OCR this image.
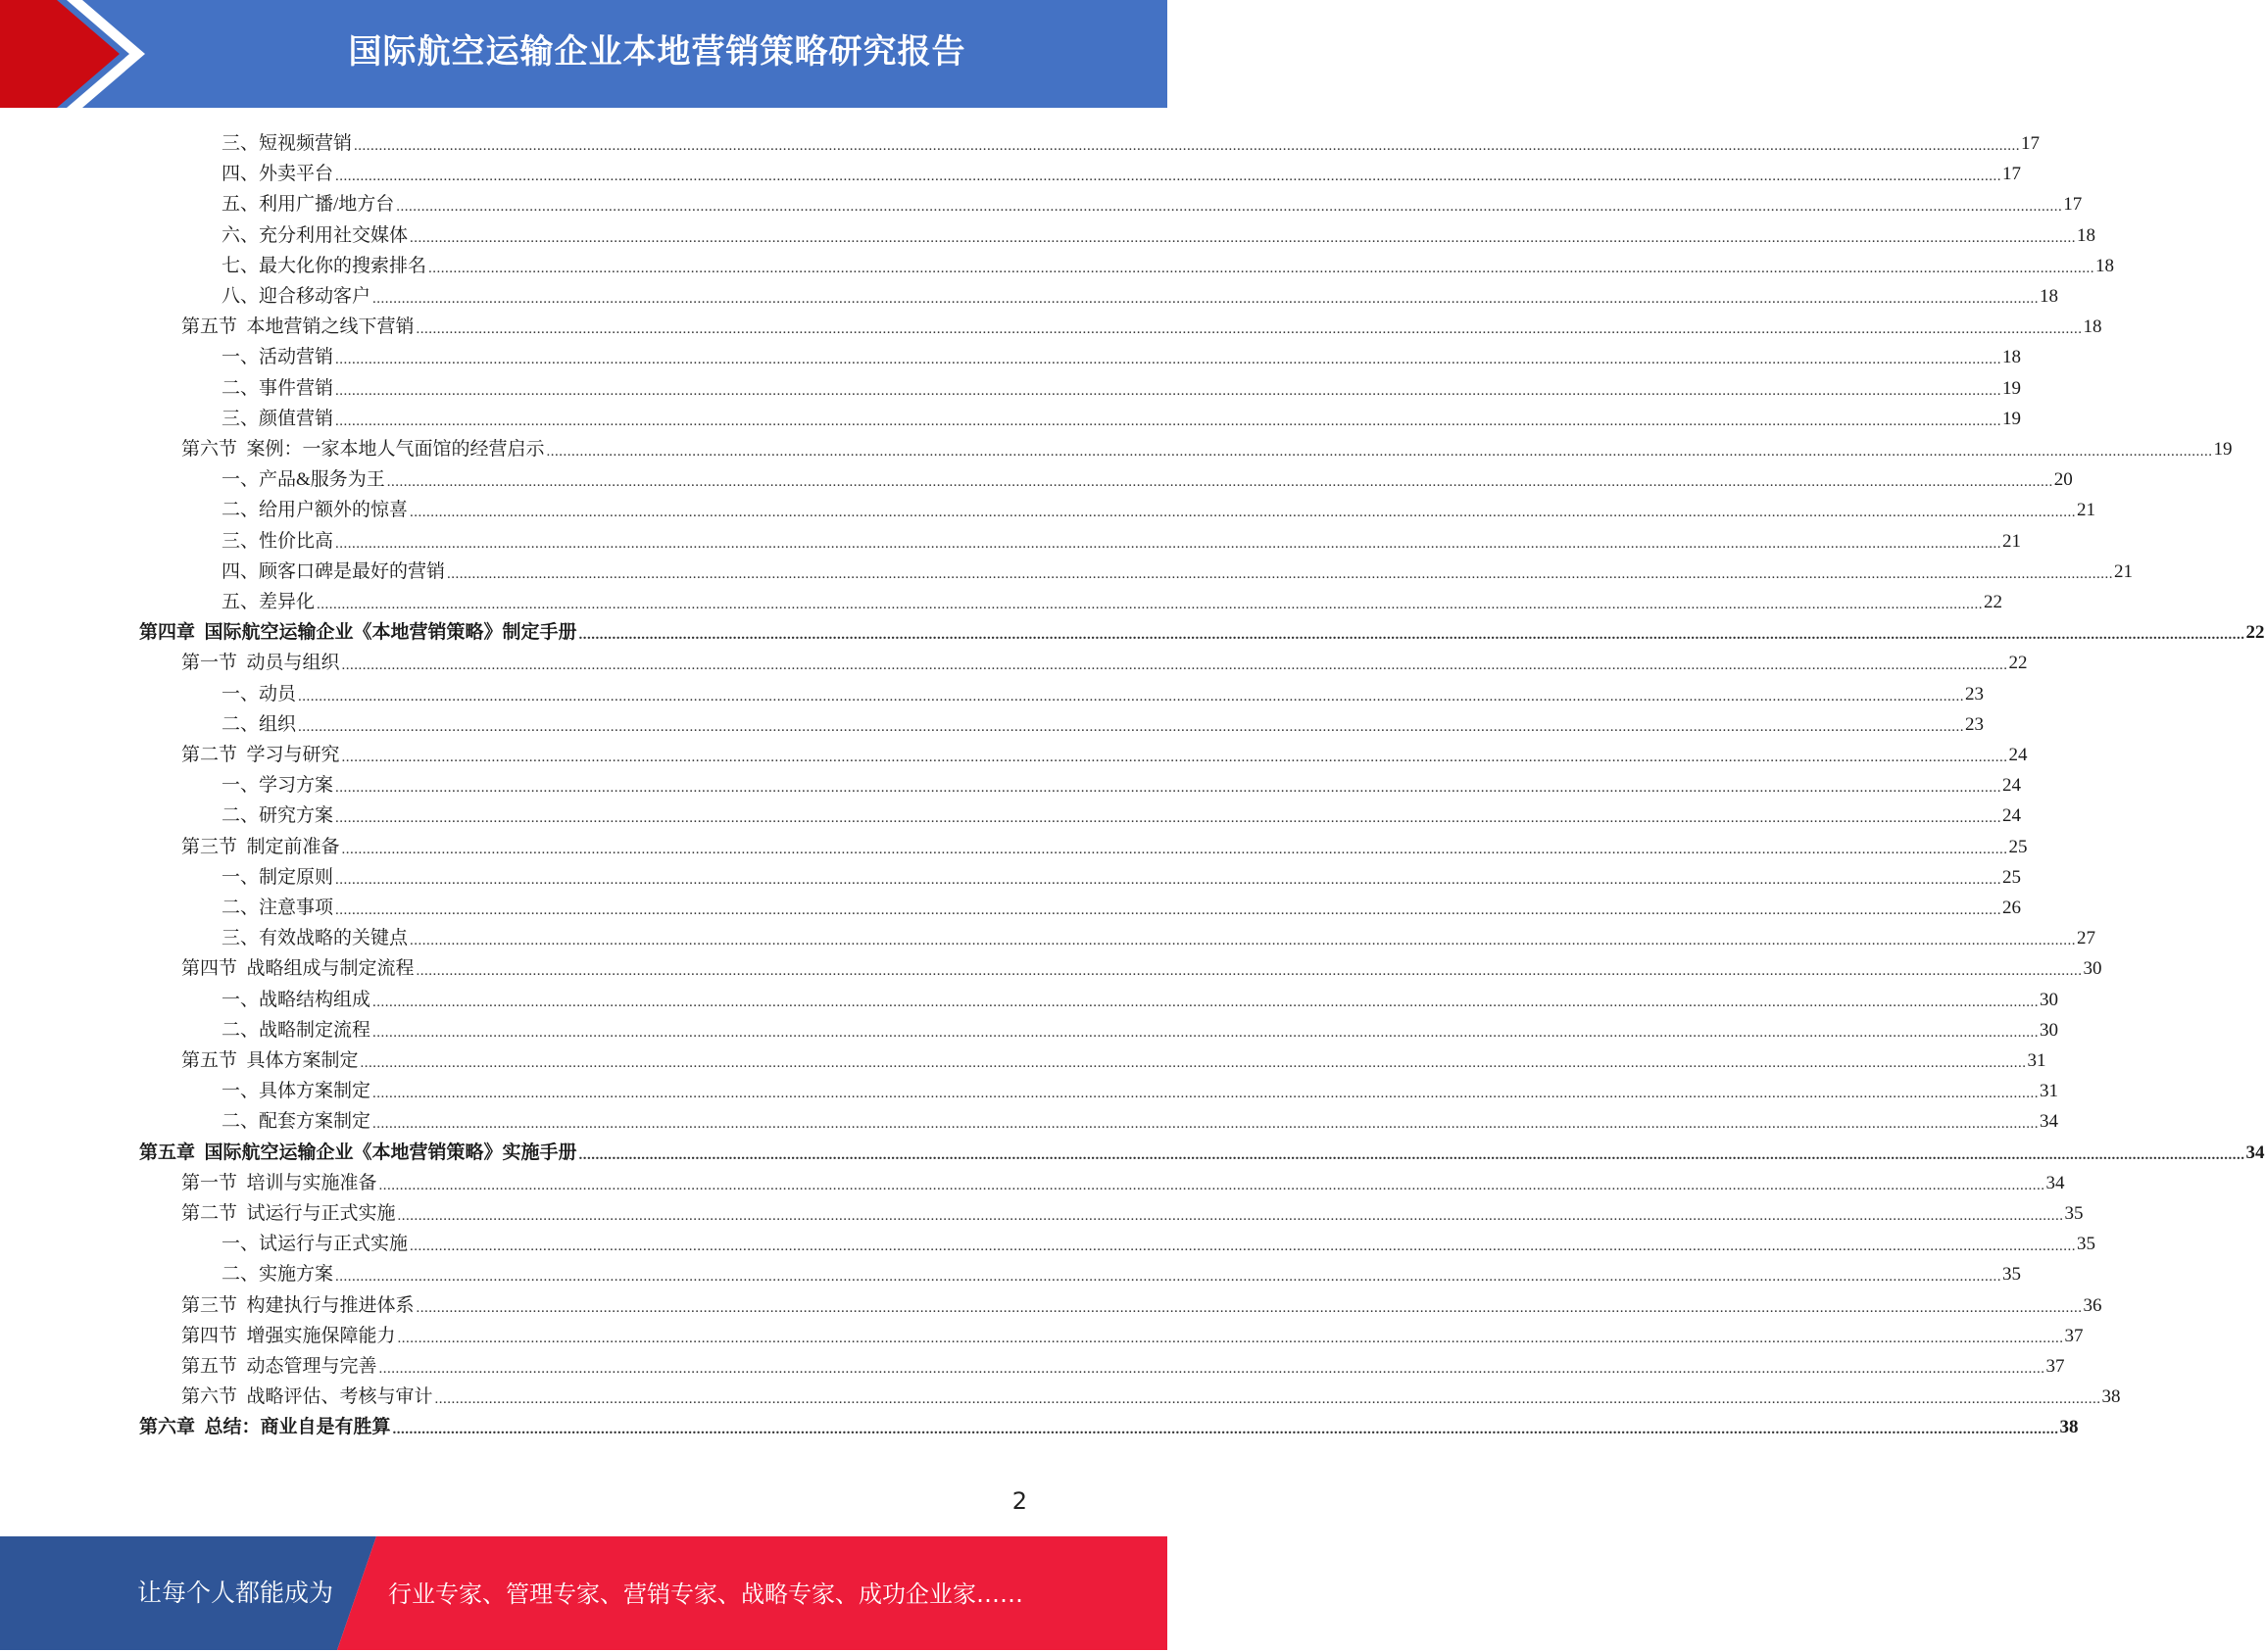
国际航空运输企业本地营销策略研究报告
三、短视频营销 ................................................................................................................................................................................................................................................................................................................................................................................................................ 17
四、外卖平台 ................................................................................................................................................................................................................................................................................................................................................................................................................ 17
五、利用广播/地方台 ................................................................................................................................................................................................................................................................................................................................................................................................................ 17
六、充分利用社交媒体 ................................................................................................................................................................................................................................................................................................................................................................................................................ 18
七、最大化你的搜索排名 ................................................................................................................................................................................................................................................................................................................................................................................................................ 18
八、迎合移动客户 ................................................................................................................................................................................................................................................................................................................................................................................................................ 18
第五节  本地营销之线下营销 ................................................................................................................................................................................................................................................................................................................................................................................................................ 18
一、活动营销 ................................................................................................................................................................................................................................................................................................................................................................................................................ 18
二、事件营销 ................................................................................................................................................................................................................................................................................................................................................................................................................ 19
三、颜值营销 ................................................................................................................................................................................................................................................................................................................................................................................................................ 19
第六节  案例：一家本地人气面馆的经营启示 ................................................................................................................................................................................................................................................................................................................................................................................................................ 19
一、产品&服务为王 ................................................................................................................................................................................................................................................................................................................................................................................................................ 20
二、给用户额外的惊喜 ................................................................................................................................................................................................................................................................................................................................................................................................................ 21
三、性价比高 ................................................................................................................................................................................................................................................................................................................................................................................................................ 21
四、顾客口碑是最好的营销 ................................................................................................................................................................................................................................................................................................................................................................................................................ 21
五、差异化 ................................................................................................................................................................................................................................................................................................................................................................................................................ 22
第四章  国际航空运输企业《本地营销策略》制定手册 ................................................................................................................................................................................................................................................................................................................................................................................................................ 22
第一节  动员与组织 ................................................................................................................................................................................................................................................................................................................................................................................................................ 22
一、动员 ................................................................................................................................................................................................................................................................................................................................................................................................................ 23
二、组织 ................................................................................................................................................................................................................................................................................................................................................................................................................ 23
第二节  学习与研究 ................................................................................................................................................................................................................................................................................................................................................................................................................ 24
一、学习方案 ................................................................................................................................................................................................................................................................................................................................................................................................................ 24
二、研究方案 ................................................................................................................................................................................................................................................................................................................................................................................................................ 24
第三节  制定前准备 ................................................................................................................................................................................................................................................................................................................................................................................................................ 25
一、制定原则 ................................................................................................................................................................................................................................................................................................................................................................................................................ 25
二、注意事项 ................................................................................................................................................................................................................................................................................................................................................................................................................ 26
三、有效战略的关键点 ................................................................................................................................................................................................................................................................................................................................................................................................................ 27
第四节  战略组成与制定流程 ................................................................................................................................................................................................................................................................................................................................................................................................................ 30
一、战略结构组成 ................................................................................................................................................................................................................................................................................................................................................................................................................ 30
二、战略制定流程 ................................................................................................................................................................................................................................................................................................................................................................................................................ 30
第五节  具体方案制定 ................................................................................................................................................................................................................................................................................................................................................................................................................ 31
一、具体方案制定 ................................................................................................................................................................................................................................................................................................................................................................................................................ 31
二、配套方案制定 ................................................................................................................................................................................................................................................................................................................................................................................................................ 34
第五章  国际航空运输企业《本地营销策略》实施手册 ................................................................................................................................................................................................................................................................................................................................................................................................................ 34
第一节  培训与实施准备 ................................................................................................................................................................................................................................................................................................................................................................................................................ 34
第二节  试运行与正式实施 ................................................................................................................................................................................................................................................................................................................................................................................................................ 35
一、试运行与正式实施 ................................................................................................................................................................................................................................................................................................................................................................................................................ 35
二、实施方案 ................................................................................................................................................................................................................................................................................................................................................................................................................ 35
第三节  构建执行与推进体系 ................................................................................................................................................................................................................................................................................................................................................................................................................ 36
第四节  增强实施保障能力 ................................................................................................................................................................................................................................................................................................................................................................................................................ 37
第五节  动态管理与完善 ................................................................................................................................................................................................................................................................................................................................................................................................................ 37
第六节  战略评估、考核与审计 ................................................................................................................................................................................................................................................................................................................................................................................................................ 38
第六章  总结：商业自是有胜算 ................................................................................................................................................................................................................................................................................................................................................................................................................ 38
2
让每个人都能成为 行业专家、管理专家、营销专家、战略专家、成功企业家……
